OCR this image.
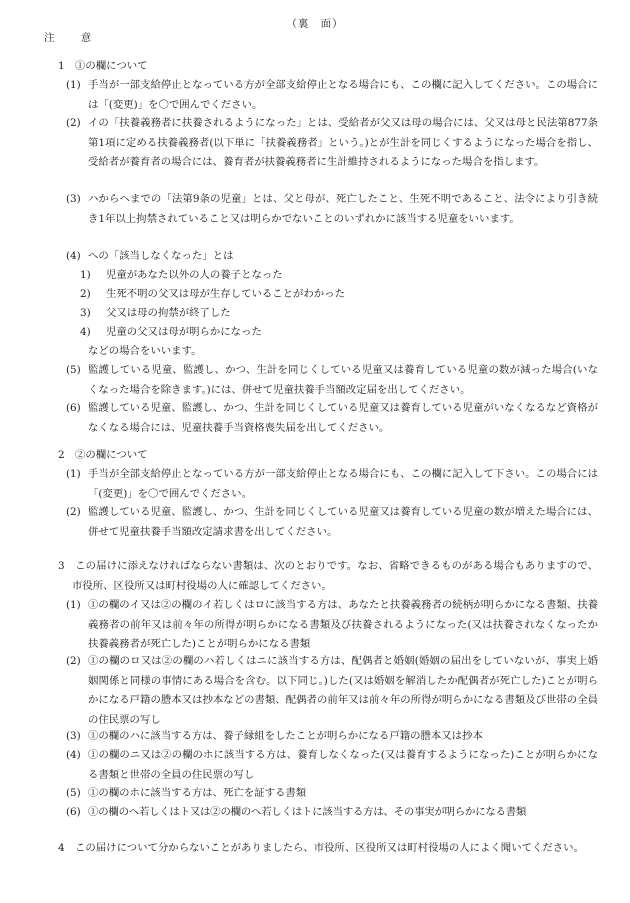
（裏　面）
注　意
1　①の欄について
(1) 手当が一部支給停止となっている方が全部支給停止となる場合にも、この欄に記入してください。この場合には「(変更)」を〇で囲んでください。
(2) イの「扶養義務者に扶養されるようになった」とは、受給者が父又は母の場合には、父又は母と民法第877条第1項に定める扶養義務者(以下単に「扶養義務者」という。)とが生計を同じくするようになった場合を指し、受給者が養育者の場合には、養育者が扶養義務者に生計維持されるようになった場合を指します。
(3) ハからヘまでの「法第9条の児童」とは、父と母が、死亡したこと、生死不明であること、法令により引き続き1年以上拘禁されていること又は明らかでないことのいずれかに該当する児童をいいます。
(4) への「該当しなくなった」とは
1) 児童があなた以外の人の養子となった
2) 生死不明の父又は母が生存していることがわかった
3) 父又は母の拘禁が終了した
4) 児童の父又は母が明らかになった
などの場合をいいます。
(5) 監護している児童、監護し、かつ、生計を同じくしている児童又は養育している児童の数が減った場合(いなくなった場合を除きます。)には、併せて児童扶養手当額改定届を出してください。
(6) 監護している児童、監護し、かつ、生計を同じくしている児童又は養育している児童がいなくなるなど資格がなくなる場合には、児童扶養手当資格喪失届を出してください。
2　②の欄について
(1) 手当が全部支給停止となっている方が一部支給停止となる場合にも、この欄に記入して下さい。この場合には「(変更)」を〇で囲んでください。
(2) 監護している児童、監護し、かつ、生計を同じくしている児童又は養育している児童の数が増えた場合には、併せて児童扶養手当額改定請求書を出してください。
3　この届けに添えなければならない書類は、次のとおりです。なお、省略できるものがある場合もありますので、市役所、区役所又は町村役場の人に確認してください。
(1) ①の欄のイ又は②の欄のイ若しくはロに該当する方は、あなたと扶養義務者の続柄が明らかになる書類、扶養義務者の前年又は前々年の所得が明らかになる書類及び扶養されるようになった(又は扶養されなくなったか扶養義務者が死亡した)ことが明らかになる書類
(2) ①の欄のロ又は②の欄のハ若しくはニに該当する方は、配偶者と婚姻(婚姻の届出をしていないが、事実上婚姻関係と同様の事情にある場合を含む。以下同じ。)した(又は婚姻を解消したか配偶者が死亡した)ことが明らかになる戸籍の謄本又は抄本などの書類、配偶者の前年又は前々年の所得が明らかになる書類及び世帯の全員の住民票の写し
(3) ①の欄のハに該当する方は、養子縁組をしたことが明らかになる戸籍の謄本又は抄本
(4) ①の欄のニ又は②の欄のホに該当する方は、養育しなくなった(又は養育するようになった)ことが明らかになる書類と世帯の全員の住民票の写し
(5) ①の欄のホに該当する方は、死亡を証する書類
(6) ①の欄のへ若しくはト又は②の欄のへ若しくはトに該当する方は、その事実が明らかになる書類
4　この届けについて分からないことがありましたら、市役所、区役所又は町村役場の人によく聞いてください。
